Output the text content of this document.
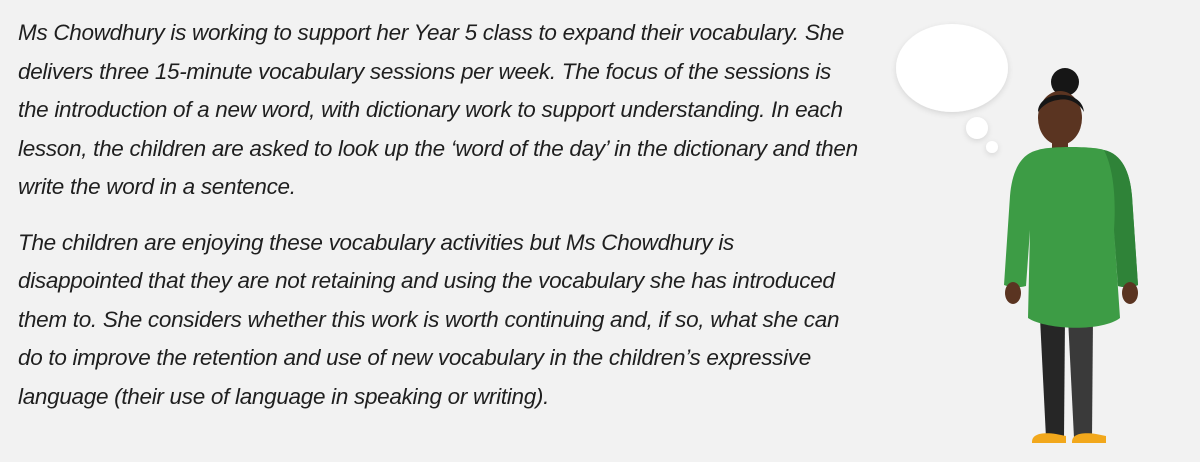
Ms Chowdhury is working to support her Year 5 class to expand their vocabulary. She delivers three 15-minute vocabulary sessions per week. The focus of the sessions is the introduction of a new word, with dictionary work to support understanding. In each lesson, the children are asked to look up the ‘word of the day’ in the dictionary and then write the word in a sentence.

The children are enjoying these vocabulary activities but Ms Chowdhury is disappointed that they are not retaining and using the vocabulary she has introduced them to. She considers whether this work is worth continuing and, if so, what she can do to improve the retention and use of new vocabulary in the children’s expressive language (their use of language in speaking or writing).
